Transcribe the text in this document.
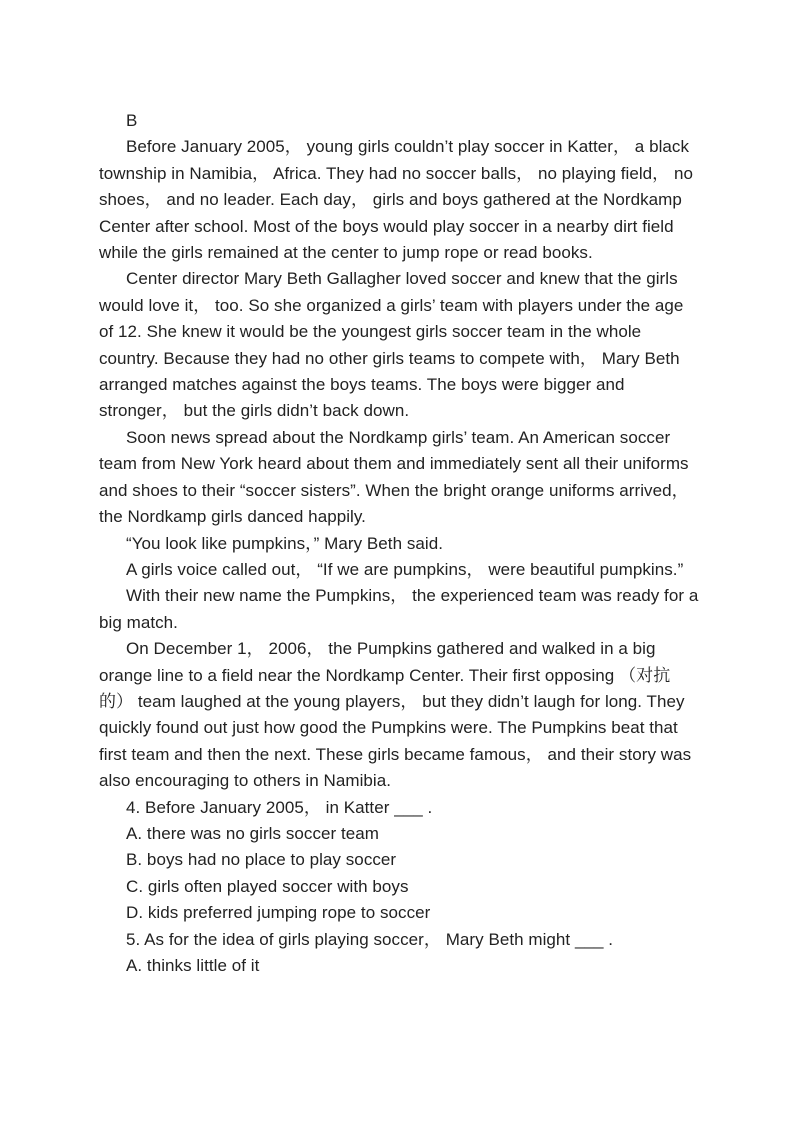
B

Before January 2005， young girls couldn’t play soccer in Katter， a black township in Namibia， Africa. They had no soccer balls， no playing field， no shoes， and no leader. Each day， girls and boys gathered at the Nordkamp Center after school. Most of the boys would play soccer in a nearby dirt field while the girls remained at the center to jump rope or read books.

Center director Mary Beth Gallagher loved soccer and knew that the girls would love it， too. So she organized a girls’ team with players under the age of 12. She knew it would be the youngest girls soccer team in the whole country. Because they had no other girls teams to compete with， Mary Beth arranged matches against the boys teams. The boys were bigger and stronger， but the girls didn’t back down.

Soon news spread about the Nordkamp girls’ team. An American soccer team from New York heard about them and immediately sent all their uniforms and shoes to their “soccer sisters”. When the bright orange uniforms arrived， the Nordkamp girls danced happily.

“You look like pumpkins，” Mary Beth said.

A girls voice called out， “If we are pumpkins， were beautiful pumpkins.”

With their new name the Pumpkins， the experienced team was ready for a big match.

On December 1， 2006， the Pumpkins gathered and walked in a big orange line to a field near the Nordkamp Center. Their first opposing （对抗的） team laughed at the young players， but they didn’t laugh for long. They quickly found out just how good the Pumpkins were. The Pumpkins beat that first team and then the next. These girls became famous， and their story was also encouraging to others in Namibia.

4. Before January 2005， in Katter ___ .
A. there was no girls soccer team
B. boys had no place to play soccer
C. girls often played soccer with boys
D. kids preferred jumping rope to soccer
5. As for the idea of girls playing soccer， Mary Beth might ___ .
A. thinks little of it
